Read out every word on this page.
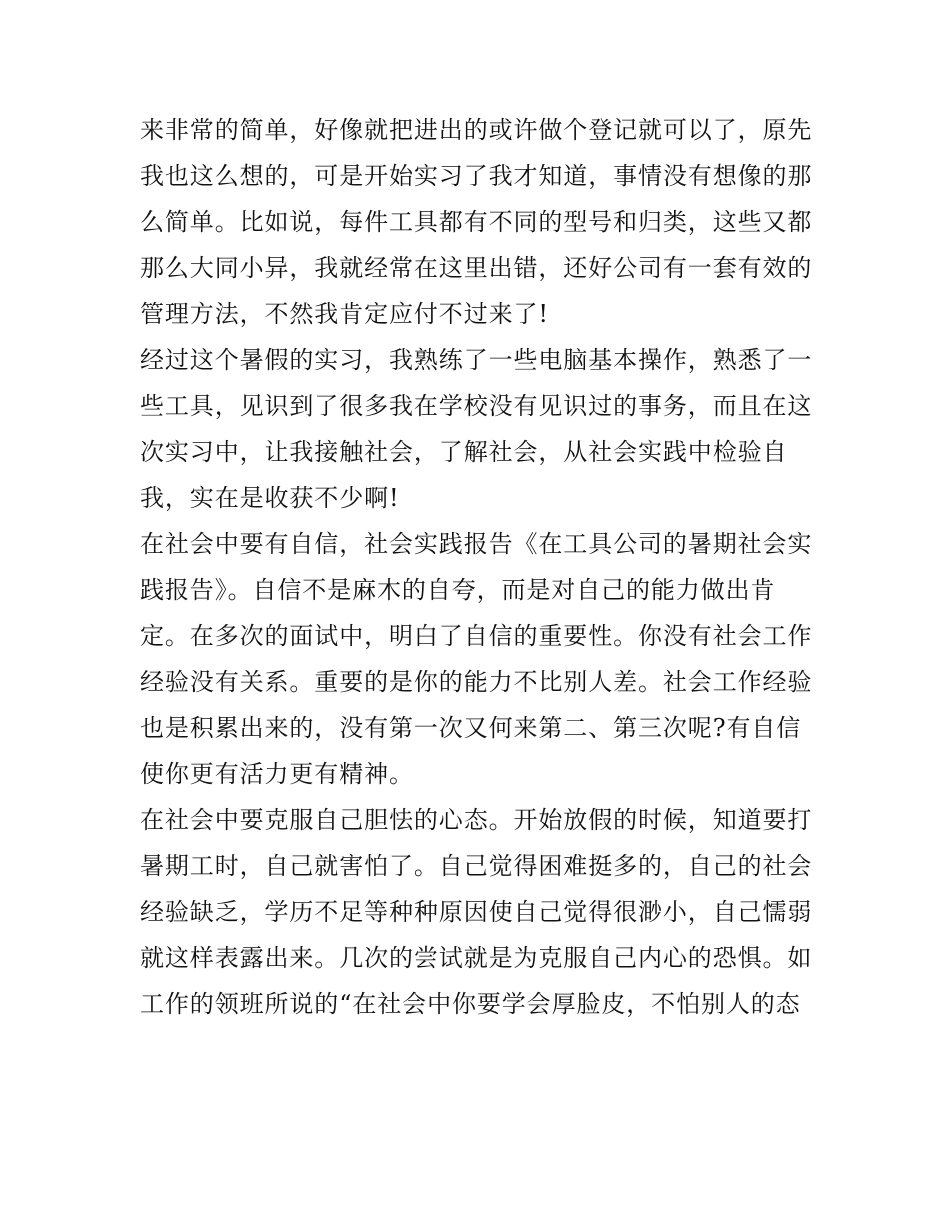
来非常的简单，好像就把进出的或许做个登记就可以了，原先
我也这么想的，可是开始实习了我才知道，事情没有想像的那
么简单。比如说，每件工具都有不同的型号和归类，这些又都
那么大同小异，我就经常在这里出错，还好公司有一套有效的
管理方法，不然我肯定应付不过来了!
经过这个暑假的实习，我熟练了一些电脑基本操作，熟悉了一
些工具，见识到了很多我在学校没有见识过的事务，而且在这
次实习中，让我接触社会，了解社会，从社会实践中检验自
我，实在是收获不少啊!
在社会中要有自信，社会实践报告《在工具公司的暑期社会实
践报告》。自信不是麻木的自夸，而是对自己的能力做出肯
定。在多次的面试中，明白了自信的重要性。你没有社会工作
经验没有关系。重要的是你的能力不比别人差。社会工作经验
也是积累出来的，没有第一次又何来第二、第三次呢?有自信
使你更有活力更有精神。
在社会中要克服自己胆怯的心态。开始放假的时候，知道要打
暑期工时，自己就害怕了。自己觉得困难挺多的，自己的社会
经验缺乏，学历不足等种种原因使自己觉得很渺小，自己懦弱
就这样表露出来。几次的尝试就是为克服自己内心的恐惧。如
工作的领班所说的“在社会中你要学会厚脸皮，不怕别人的态
